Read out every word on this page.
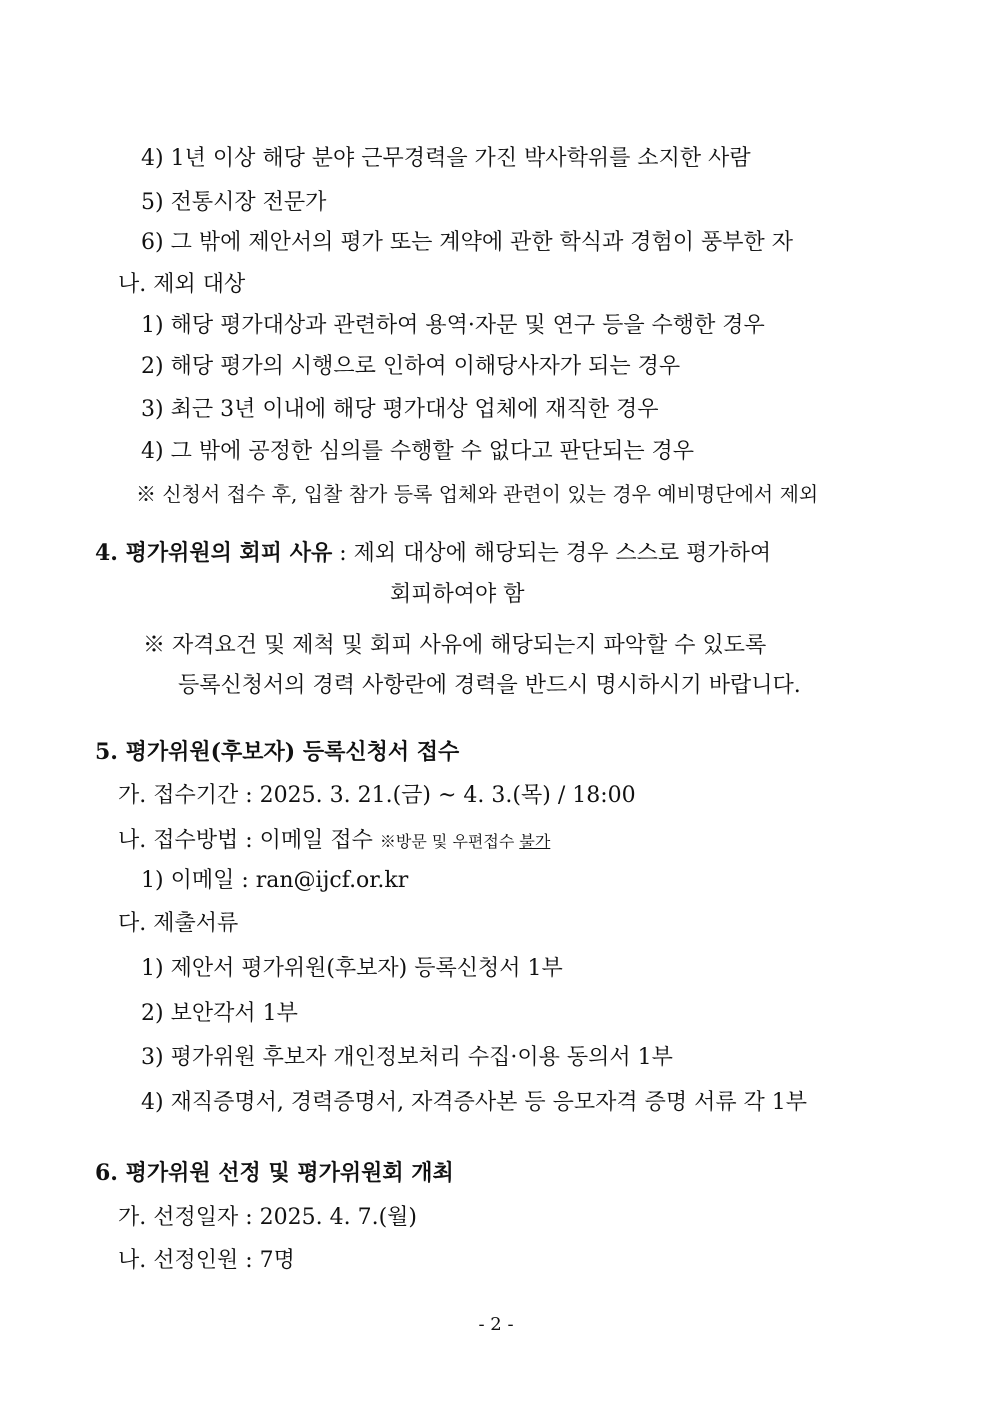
4) 1년 이상 해당 분야 근무경력을 가진 박사학위를 소지한 사람
5) 전통시장 전문가
6) 그 밖에 제안서의 평가 또는 계약에 관한 학식과 경험이 풍부한 자
나. 제외 대상
1) 해당 평가대상과 관련하여 용역·자문 및 연구 등을 수행한 경우
2) 해당 평가의 시행으로 인하여 이해당사자가 되는 경우
3) 최근 3년 이내에 해당 평가대상 업체에 재직한 경우
4) 그 밖에 공정한 심의를 수행할 수 없다고 판단되는 경우
※ 신청서 접수 후, 입찰 참가 등록 업체와 관련이 있는 경우 예비명단에서 제외
4. 평가위원의 회피 사유 : 제외 대상에 해당되는 경우 스스로 평가하여
회피하여야 함
※ 자격요건 및 제척 및 회피 사유에 해당되는지 파악할 수 있도록
등록신청서의 경력 사항란에 경력을 반드시 명시하시기 바랍니다.
5. 평가위원(후보자) 등록신청서 접수
가. 접수기간 : 2025. 3. 21.(금) ~ 4. 3.(목) / 18:00
나. 접수방법 : 이메일 접수 ※방문 및 우편접수 불가
1) 이메일 : ran@ijcf.or.kr
다. 제출서류
1) 제안서 평가위원(후보자) 등록신청서 1부
2) 보안각서 1부
3) 평가위원 후보자 개인정보처리 수집·이용 동의서 1부
4) 재직증명서, 경력증명서, 자격증사본 등 응모자격 증명 서류 각 1부
6. 평가위원 선정 및 평가위원회 개최
가. 선정일자 : 2025. 4. 7.(월)
나. 선정인원 : 7명
- 2 -
